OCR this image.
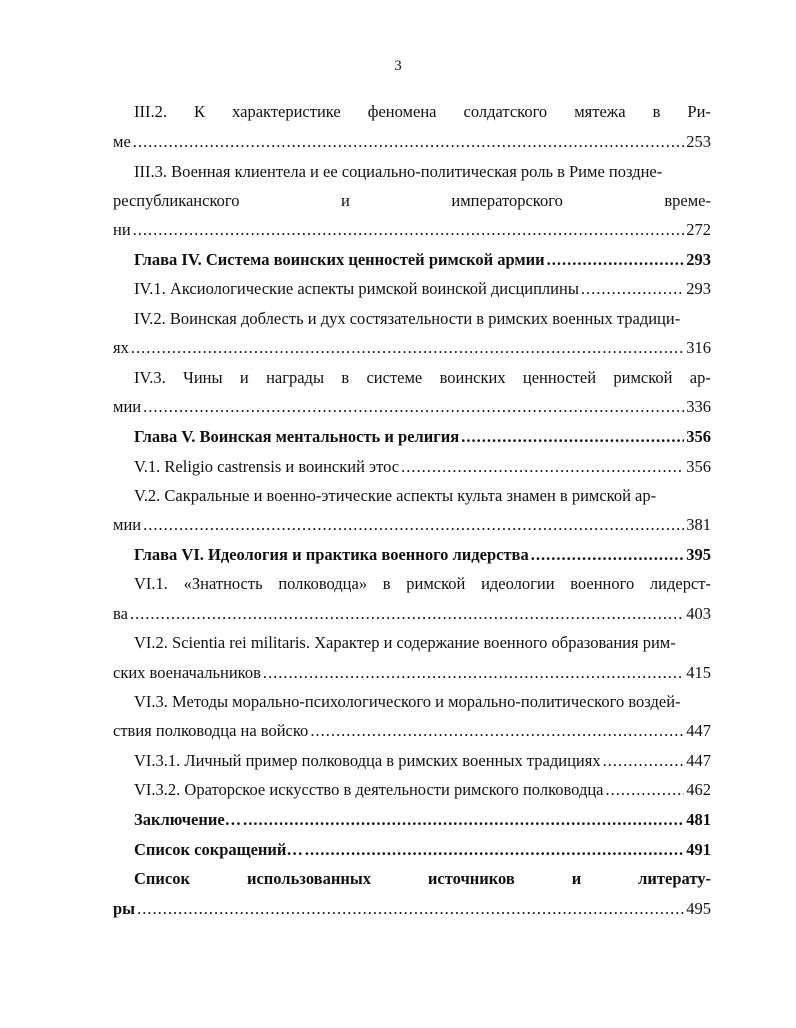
3
III.2. К характеристике феномена солдатского мятежа в Ри-
ме .....	253
III.3. Военная клиентела и ее социально-политическая роль в Риме поздне-
республиканского	и	императорского	време-
ни .....	272
Глава IV. Система воинских ценностей римской армии .....	293
IV.1. Аксиологические аспекты римской воинской дисциплины .....	293
IV.2. Воинская доблесть и дух состязательности в римских военных традици-
ях .....	316
IV.3. Чины и награды в системе воинских ценностей римской ар-
мии .....	336
Глава V. Воинская ментальность и религия .....	356
V.1. Religio castrensis и воинский этос .....	356
V.2. Сакральные и военно-этические аспекты культа знамен в римской ар-
мии .....	381
Глава VI. Идеология и практика военного лидерства .....	395
VI.1. «Знатность полководца» в римской идеологии военного лидерст-
ва .....	403
VI.2. Scientia rei militaris. Характер и содержание военного образования рим-
ских военачальников .....	415
VI.3. Методы морально-психологического и морально-политического воздей-
ствия полководца на войско .....	447
VI.3.1. Личный пример полководца в римских военных традициях .....	447
VI.3.2. Ораторское искусство в деятельности римского полководца .....	462
Заключение… .....	481
Список сокращений… .....	491
Список	использованных	источников	и	литерату-
ры .....	495
